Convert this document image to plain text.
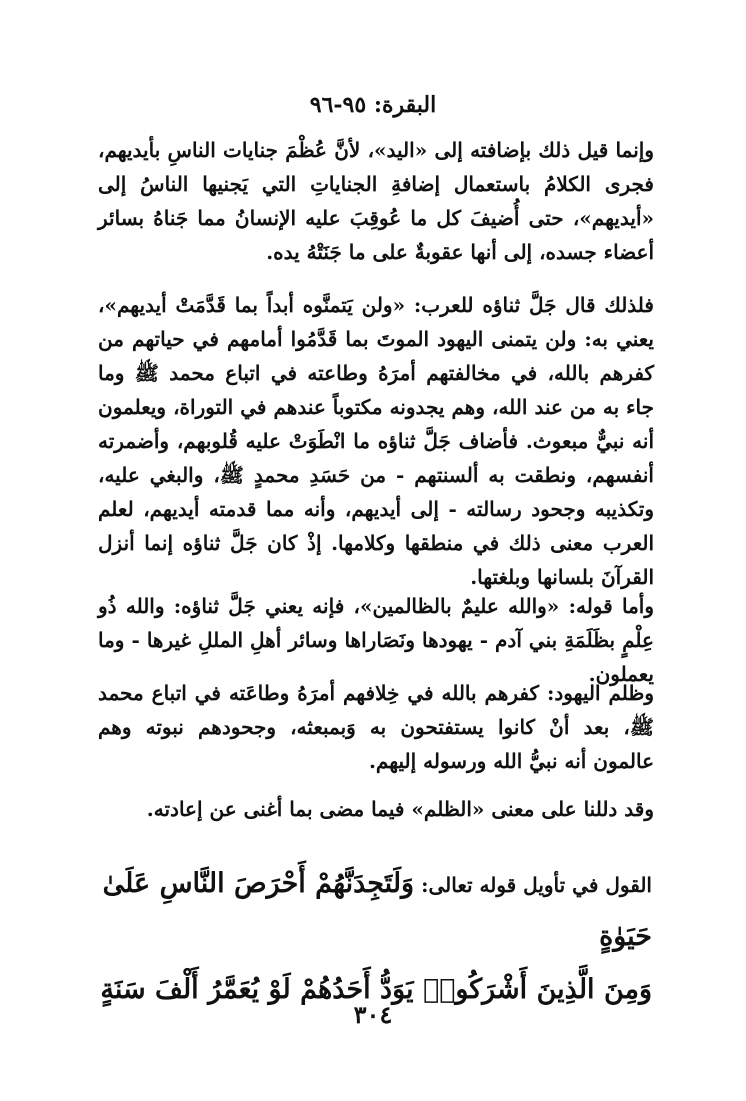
البقرة: ٩٥-٩٦

وإنما قيل ذلك بإضافته إلى «اليد»، لأنَّ عُظْمَ جنايات الناسِ بأيديهم، فجرى الكلامُ باستعمال إضافةِ الجناياتِ التي يَجنيها الناسُ إلى «أيديهم»، حتى أُضيفَ كل ما عُوقِبَ عليه الإنسانُ مما جَناهُ بسائر أعضاء جسده، إلى أنها عقوبةٌ على ما جَنَتْهُ يده.

فلذلك قال جَلَّ ثناؤه للعرب: «ولن يَتمنَّوه أبداً بما قَدَّمَتْ أيديهم»، يعني به: ولن يتمنى اليهود الموتَ بما قَدَّمُوا أمامهم في حياتهم من كفرهم بالله، في مخالفتهم أمرَهُ وطاعته في اتباع محمد ﷺ وما جاء به من عند الله، وهم يجدونه مكتوباً عندهم في التوراة، ويعلمون أنه نبيٌّ مبعوث. فأضاف جَلَّ ثناؤه ما انْطَوَتْ عليه قُلوبهم، وأضمرته أنفسهم، ونطقت به ألسنتهم - من حَسَدِ محمدٍ ﷺ، والبغي عليه، وتكذيبه وجحود رسالته - إلى أيديهم، وأنه مما قدمته أيديهم، لعلم العرب معنى ذلك في منطقها وكلامها. إذْ كان جَلَّ ثناؤه إنما أنزل القرآنَ بلسانها وبلغتها.

وأما قوله: «والله عليمٌ بالظالمين»، فإنه يعني جَلَّ ثناؤه: والله ذُو عِلْمٍ بظَلَمَةِ بني آدم - يهودها ونَصَاراها وسائر أهلِ المللِ غيرها - وما يعملون.

وظلم اليهود: كفرهم بالله في خِلافهم أمرَهُ وطاعَته في اتباع محمد ﷺ، بعد أنْ كانوا يستفتحون به وَبمبعثه، وجحودهم نبوته وهم عالمون أنه نبيُّ الله ورسوله إليهم.

وقد دللنا على معنى «الظلم» فيما مضى بما أغنى عن إعادته.

القول في تأويل قوله تعالى: وَلَتَجِدَنَّهُمْ أَحْرَصَ النَّاسِ عَلَىٰ حَيَوٰةٍ
وَمِنَ الَّذِينَ أَشْرَكُوا۟ يَوَدُّ أَحَدُهُمْ لَوْ يُعَمَّرُ أَلْفَ سَنَةٍ
٣٠٤
